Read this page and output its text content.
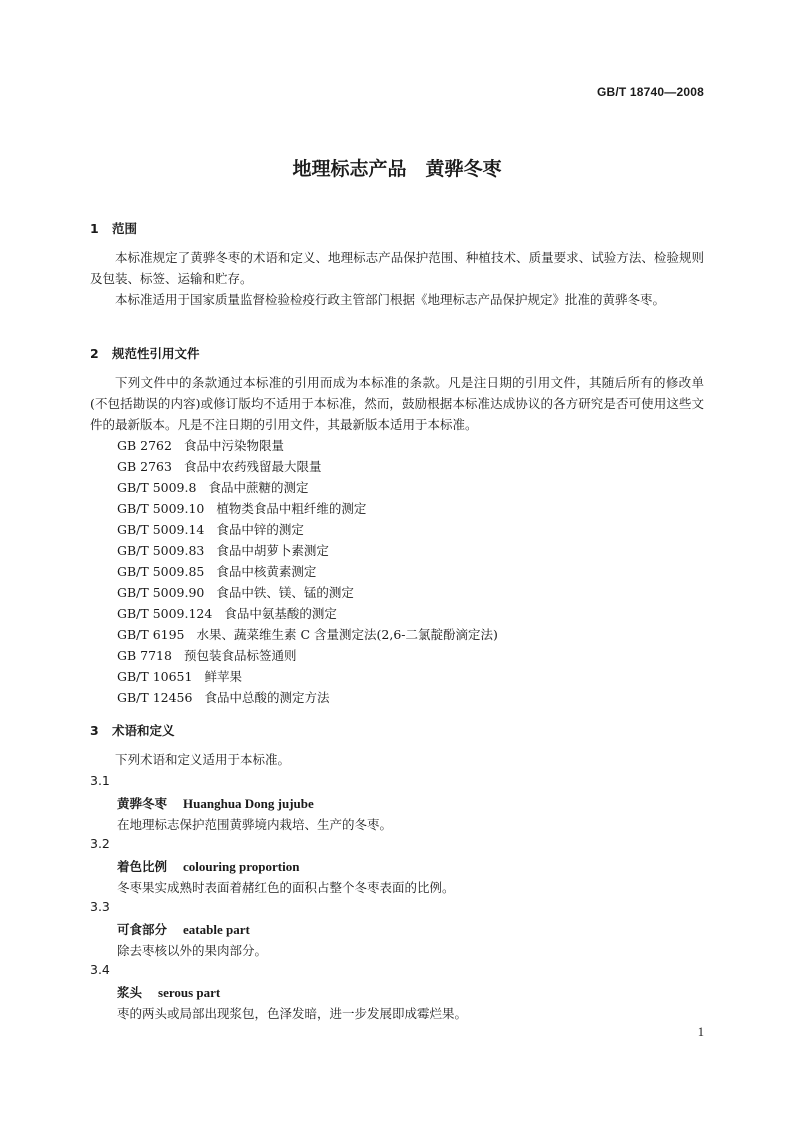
GB/T 18740—2008
地理标志产品　黄骅冬枣
1 范围
本标准规定了黄骅冬枣的术语和定义、地理标志产品保护范围、种植技术、质量要求、试验方法、检验规则及包装、标签、运输和贮存。
本标准适用于国家质量监督检验检疫行政主管部门根据《地理标志产品保护规定》批准的黄骅冬枣。
2 规范性引用文件
下列文件中的条款通过本标准的引用而成为本标准的条款。凡是注日期的引用文件，其随后所有的修改单(不包括勘误的内容)或修订版均不适用于本标准，然而，鼓励根据本标准达成协议的各方研究是否可使用这些文件的最新版本。凡是不注日期的引用文件，其最新版本适用于本标准。
GB 2762 食品中污染物限量
GB 2763 食品中农药残留最大限量
GB/T 5009.8 食品中蔗糖的测定
GB/T 5009.10 植物类食品中粗纤维的测定
GB/T 5009.14 食品中锌的测定
GB/T 5009.83 食品中胡萝卜素测定
GB/T 5009.85 食品中核黄素测定
GB/T 5009.90 食品中铁、镁、锰的测定
GB/T 5009.124 食品中氨基酸的测定
GB/T 6195 水果、蔬菜维生素 C 含量测定法(2,6-二氯靛酚滴定法)
GB 7718 预包装食品标签通则
GB/T 10651 鲜苹果
GB/T 12456 食品中总酸的测定方法
3 术语和定义
下列术语和定义适用于本标准。
3.1
黄骅冬枣 Huanghua Dong jujube
在地理标志保护范围黄骅境内栽培、生产的冬枣。
3.2
着色比例 colouring proportion
冬枣果实成熟时表面着赭红色的面积占整个冬枣表面的比例。
3.3
可食部分 eatable part
除去枣核以外的果肉部分。
3.4
浆头 serous part
枣的两头或局部出现浆包，色泽发暗，进一步发展即成霉烂果。
1
